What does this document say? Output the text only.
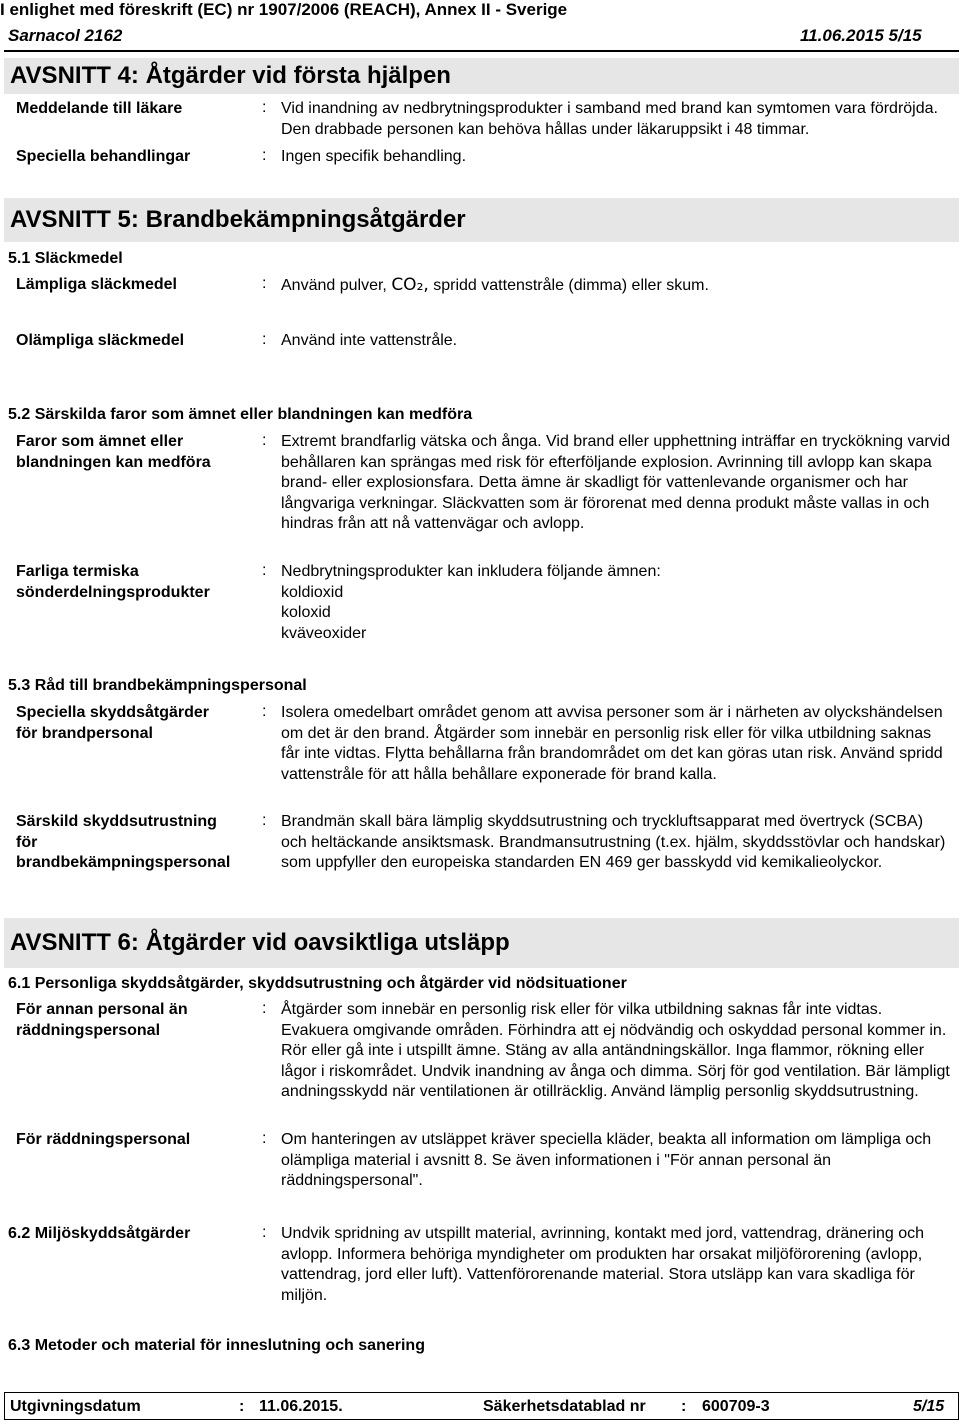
I enlighet med föreskrift (EC) nr 1907/2006 (REACH), Annex II - Sverige
Sarnacol 2162	11.06.2015 5/15
AVSNITT 4: Åtgärder vid första hjälpen
Meddelande till läkare	: Vid inandning av nedbrytningsprodukter i samband med brand kan symtomen vara fördröjda. Den drabbade personen kan behöva hållas under läkaruppsikt i 48 timmar.
Speciella behandlingar	: Ingen specifik behandling.
AVSNITT 5: Brandbekämpningsåtgärder
5.1 Släckmedel
Lämpliga släckmedel	: Använd pulver, CO₂, spridd vattenstråle (dimma) eller skum.
Olämpliga släckmedel	: Använd inte vattenstråle.
5.2 Särskilda faror som ämnet eller blandningen kan medföra
Faror som ämnet eller
blandningen kan medföra
: Extremt brandfarlig vätska och ånga. Vid brand eller upphettning inträffar en tryckökning varvid behållaren kan sprängas med risk för efterföljande explosion. Avrinning till avlopp kan skapa brand- eller explosionsfara. Detta ämne är skadligt för vattenlevande organismer och har långvariga verkningar. Släckvatten som är förorenat med denna produkt måste vallas in och hindras från att nå vattenvägar och avlopp.
Farliga termiska
sönderdelningsprodukter
: Nedbrytningsprodukter kan inkludera följande ämnen:
koldioxid
koloxid
kväveoxider
5.3 Råd till brandbekämpningspersonal
Speciella skyddsåtgärder
för brandpersonal
: Isolera omedelbart området genom att avvisa personer som är i närheten av olyckshändelsen om det är den brand. Åtgärder som innebär en personlig risk eller för vilka utbildning saknas får inte vidtas. Flytta behållarna från brandområdet om det kan göras utan risk. Använd spridd vattenstråle för att hålla behållare exponerade för brand kalla.
Särskild skyddsutrustning
för
brandbekämpningspersonal
: Brandmän skall bära lämplig skyddsutrustning och tryckluftsapparat med övertryck (SCBA) och heltäckande ansiktsmask. Brandmansutrustning (t.ex. hjälm, skyddsstövlar och handskar) som uppfyller den europeiska standarden EN 469 ger basskydd vid kemikalieolyckor.
AVSNITT 6: Åtgärder vid oavsiktliga utsläpp
6.1 Personliga skyddsåtgärder, skyddsutrustning och åtgärder vid nödsituationer
För annan personal än
räddningspersonal
: Åtgärder som innebär en personlig risk eller för vilka utbildning saknas får inte vidtas. Evakuera omgivande områden. Förhindra att ej nödvändig och oskyddad personal kommer in. Rör eller gå inte i utspillt ämne. Stäng av alla antändningskällor. Inga flammor, rökning eller lågor i riskområdet. Undvik inandning av ånga och dimma. Sörj för god ventilation. Bär lämpligt andningsskydd när ventilationen är otillräcklig. Använd lämplig personlig skyddsutrustning.
För räddningspersonal	: Om hanteringen av utsläppet kräver speciella kläder, beakta all information om lämpliga och olämpliga material i avsnitt 8. Se även informationen i "För annan personal än räddningspersonal".
6.2 Miljöskyddsåtgärder	: Undvik spridning av utspillt material, avrinning, kontakt med jord, vattendrag, dränering och avlopp. Informera behöriga myndigheter om produkten har orsakat miljöförorening (avlopp, vattendrag, jord eller luft). Vattenförorenande material. Stora utsläpp kan vara skadliga för miljön.
6.3 Metoder och material för inneslutning och sanering
Utgivningsdatum	: 11.06.2015.	Säkerhetsdatablad nr : 600709-3	5/15
